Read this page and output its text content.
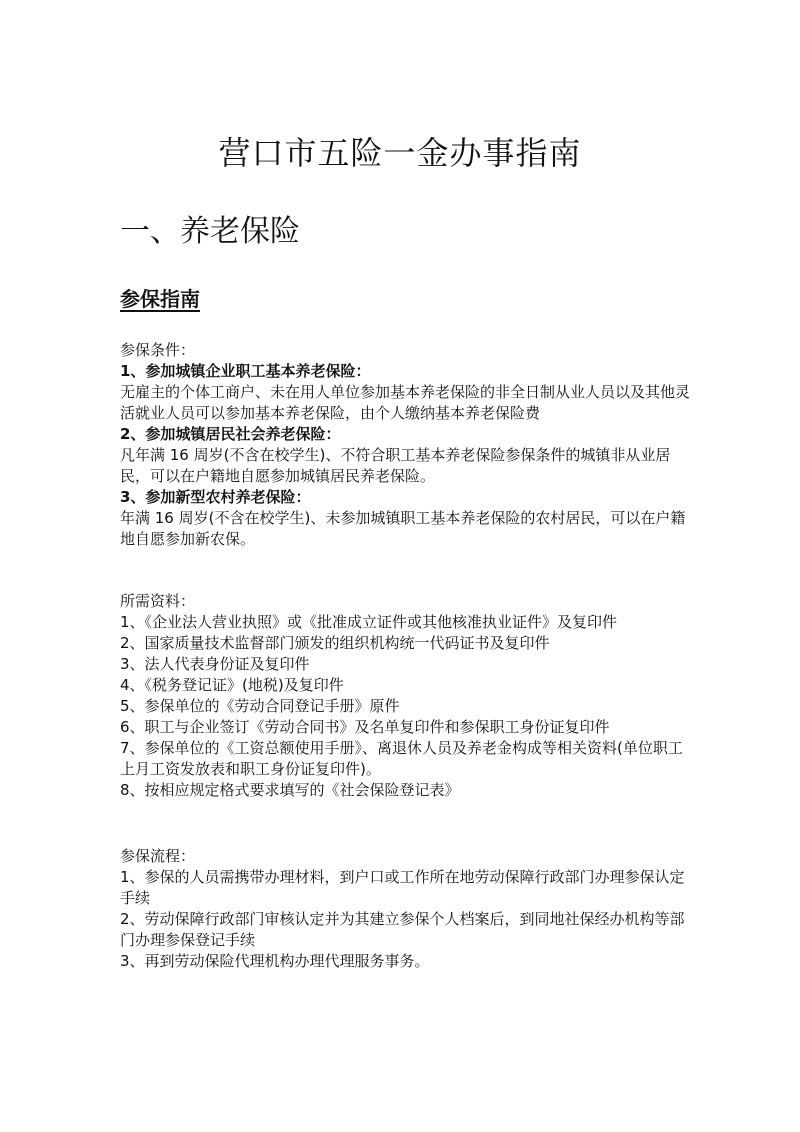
营口市五险一金办事指南
一、养老保险
参保指南

参保条件：

1、参加城镇企业职工基本养老保险：

无雇主的个体工商户、未在用人单位参加基本养老保险的非全日制从业人员以及其他灵活就业人员可以参加基本养老保险，由个人缴纳基本养老保险费

2、参加城镇居民社会养老保险：

凡年满 16 周岁(不含在校学生)、不符合职工基本养老保险参保条件的城镇非从业居民，可以在户籍地自愿参加城镇居民养老保险。

3、参加新型农村养老保险：

年满 16 周岁(不含在校学生)、未参加城镇职工基本养老保险的农村居民，可以在户籍地自愿参加新农保。

所需资料：

1、《企业法人营业执照》或《批准成立证件或其他核准执业证件》及复印件

2、国家质量技术监督部门颁发的组织机构统一代码证书及复印件

3、法人代表身份证及复印件

4、《税务登记证》(地税)及复印件

5、参保单位的《劳动合同登记手册》原件

6、职工与企业签订《劳动合同书》及名单复印件和参保职工身份证复印件

7、参保单位的《工资总额使用手册》、离退休人员及养老金构成等相关资料(单位职工上月工资发放表和职工身份证复印件)。

8、按相应规定格式要求填写的《社会保险登记表》

参保流程：

1、参保的人员需携带办理材料，到户口或工作所在地劳动保障行政部门办理参保认定手续

2、劳动保障行政部门审核认定并为其建立参保个人档案后，到同地社保经办机构等部门办理参保登记手续

3、再到劳动保险代理机构办理代理服务事务。
